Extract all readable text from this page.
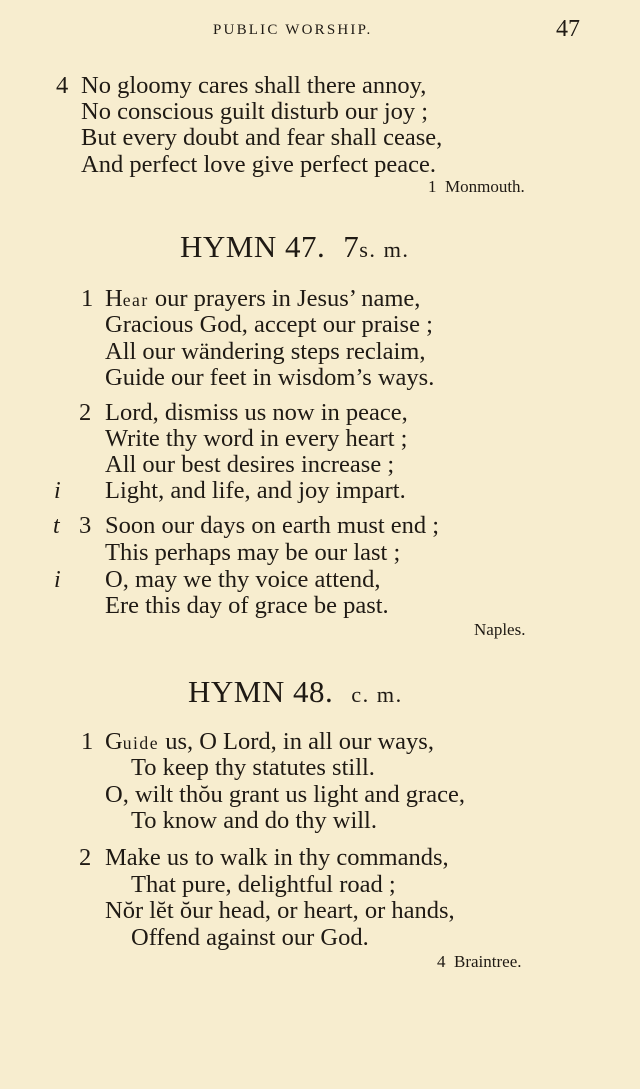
PUBLIC WORSHIP.	47
4 No gloomy cares shall there annoy,
No conscious guilt disturb our joy ;
But every doubt and fear shall cease,
And perfect love give perfect peace.
1 Monmouth.
HYMN 47. 7s. m.
1 Hear our prayers in Jesus’ name,
Gracious God, accept our praise ;
All our wändering steps reclaim,
Guide our feet in wisdom’s ways.
2 Lord, dismiss us now in peace,
Write thy word in every heart ;
All our best desires increase ;
i Light, and life, and joy impart.
t 3 Soon our days on earth must end ;
This perhaps may be our last ;
i O, may we thy voice attend,
Ere this day of grace be past.
Naples.
HYMN 48. c. m.
1 Guide us, O Lord, in all our ways,
To keep thy statutes still.
O, wilt thŏu grant us light and grace,
To know and do thy will.
2 Make us to walk in thy commands,
That pure, delightful road ;
Nŏr lĕt ŏur head, or heart, or hands,
Offend against our God.
4 Braintree.
